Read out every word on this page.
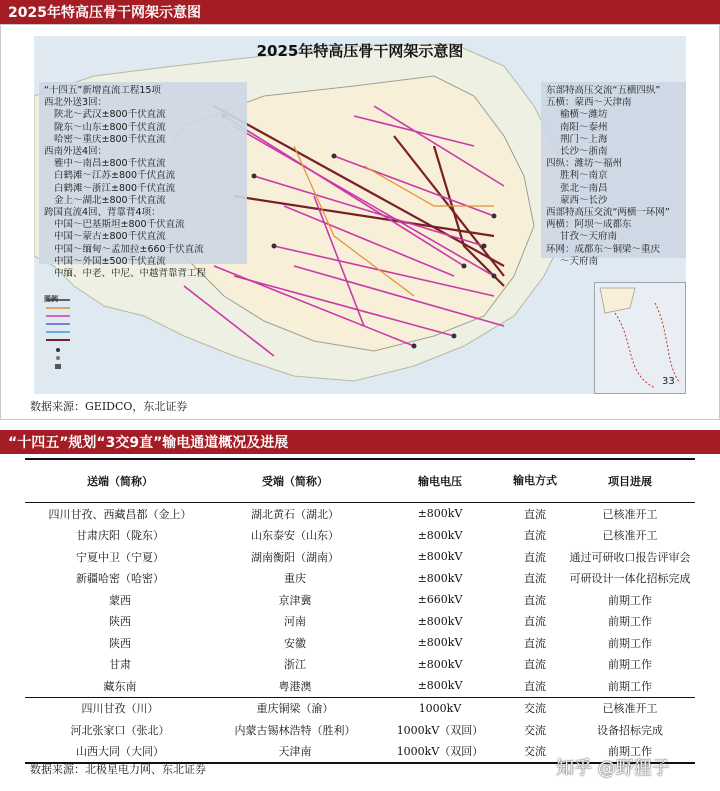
2025年特高压骨干网架示意图
2025年特高压骨干网架示意图
“十四五”新增直流工程15项
西北外送3回：
陕北～武汉±800千伏直流
陇东～山东±800千伏直流
哈密～重庆±800千伏直流
西南外送4回：
雅中～南昌±800千伏直流
白鹤滩～江苏±800千伏直流
白鹤滩～浙江±800千伏直流
金上～湖北±800千伏直流
跨国直流4回、背靠背4项：
中国～巴基斯坦±800千伏直流
中国～蒙古±800千伏直流
中国～缅甸～孟加拉±660千伏直流
中国～外国±500千伏直流
中缅、中老、中尼、中越背靠背工程
东部特高压交流“五横四纵”
五横：蒙西～天津南
榆横～潍坊
南阳～泰州
荆门～上海
长沙～浙南
四纵：潍坊～福州
胜利～南京
张北～南昌
蒙西～长沙
西部特高压交流“两横一环网”
两横：阿坝～成都东
甘孜～天府南
环网：成都东～铜梁～重庆
～天府南
图例
33
数据来源：GEIDCO，东北证券
“十四五”规划“3交9直”输电通道概况及进展
送端（简称）	受端（简称）	输电电压	输电方式	项目进展
四川甘孜、西藏昌都（金上）	湖北黄石（湖北）	±800kV	直流	已核准开工
甘肃庆阳（陇东）	山东泰安（山东）	±800kV	直流	已核准开工
宁夏中卫（宁夏）	湖南衡阳（湖南）	±800kV	直流	通过可研收口报告评审会
新疆哈密（哈密）	重庆	±800kV	直流	可研设计一体化招标完成
蒙西	京津冀	±660kV	直流	前期工作
陕西	河南	±800kV	直流	前期工作
陕西	安徽	±800kV	直流	前期工作
甘肃	浙江	±800kV	直流	前期工作
藏东南	粤港澳	±800kV	直流	前期工作
四川甘孜（川）	重庆铜梁（渝）	1000kV	交流	已核准开工
河北张家口（张北）	内蒙古锡林浩特（胜利）	1000kV（双回）	交流	设备招标完成
山西大同（大同）	天津南	1000kV（双回）	交流	前期工作
数据来源：北极星电力网、东北证券	知乎 @野狸子
